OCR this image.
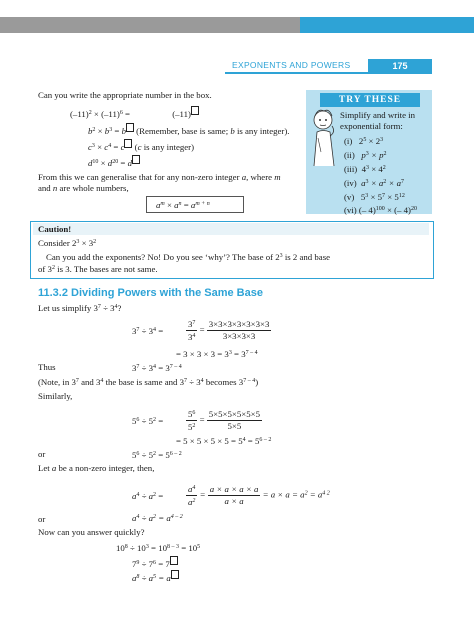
EXPONENTS AND POWERS	175
Can you write the appropriate number in the box.
$(-11)^2 \times (-11)^6$ =	(–11)
$b^2 \times b^3 = b$ (Remember, base is same; b is any integer).
$c^3 \times c^4 = c$ (c is any integer)
$d^{10} \times d^{20} = d$
From this we can generalise that for any non-zero integer a, where m
and n are whole numbers,
$a^m \times a^n = a^{m + n}$
TRY THESE
Simplify and write in
exponential form:
(i) $2^5 \times 2^3$
(ii) $p^3 \times p^2$
(iii) $4^3 \times 4^2$
(iv) $a^3 \times a^2 \times a^7$
(v) $5^3 \times 5^7 \times 5^{12}$
(vi) (– 4)$^{100}$ × (– 4)$^{20}$
Caution!
Consider $2^3 \times 3^2$
Can you add the exponents? No! Do you see ‘why’? The base of $2^3$ is 2 and base
of $3^2$ is 3. The bases are not same.
11.3.2 Dividing Powers with the Same Base
Let us simplify $3^7 \div 3^4$?
$3^7 \div 3^4$ =	$\frac{3^7}{3^4} = \frac{3\times 3\times 3\times 3\times 3\times 3\times 3}{3\times 3\times 3\times 3}$
= $3 \times 3 \times 3 = 3^3 = 3^{7 - 4}$
Thus	$3^7 \div 3^4 = 3^{7 - 4}$
(Note, in $3^7$ and $3^4$ the base is same and $3^7 \div 3^4$ becomes 3$^{7 - 4}$)
Similarly,
$5^6 \div 5^2$ =	$\frac{5^6}{5^2} = \frac{5\times 5\times 5\times 5\times 5\times 5}{5\times 5}$
= $5 \times 5 \times 5 \times 5 = 5^4 = 5^{6 - 2}$
or	$5^6 \div 5^2 = 5^{6 - 2}$
Let a be a non-zero integer, then,
$a^4 \div a^2$ =	$\frac{a^4}{a^2} = \frac{a \times a \times a \times a}{a \times a} = a \times a = a^2 = a^{4 2}$
or	$a^4 \div a^2 = a^{4 - 2}$
Now can you answer quickly?
$10^8 \div 10^3 = 10^{8 - 3} = 10^5$
$7^9 \div 7^6 = 7$
$a^8 \div a^5 = a$
